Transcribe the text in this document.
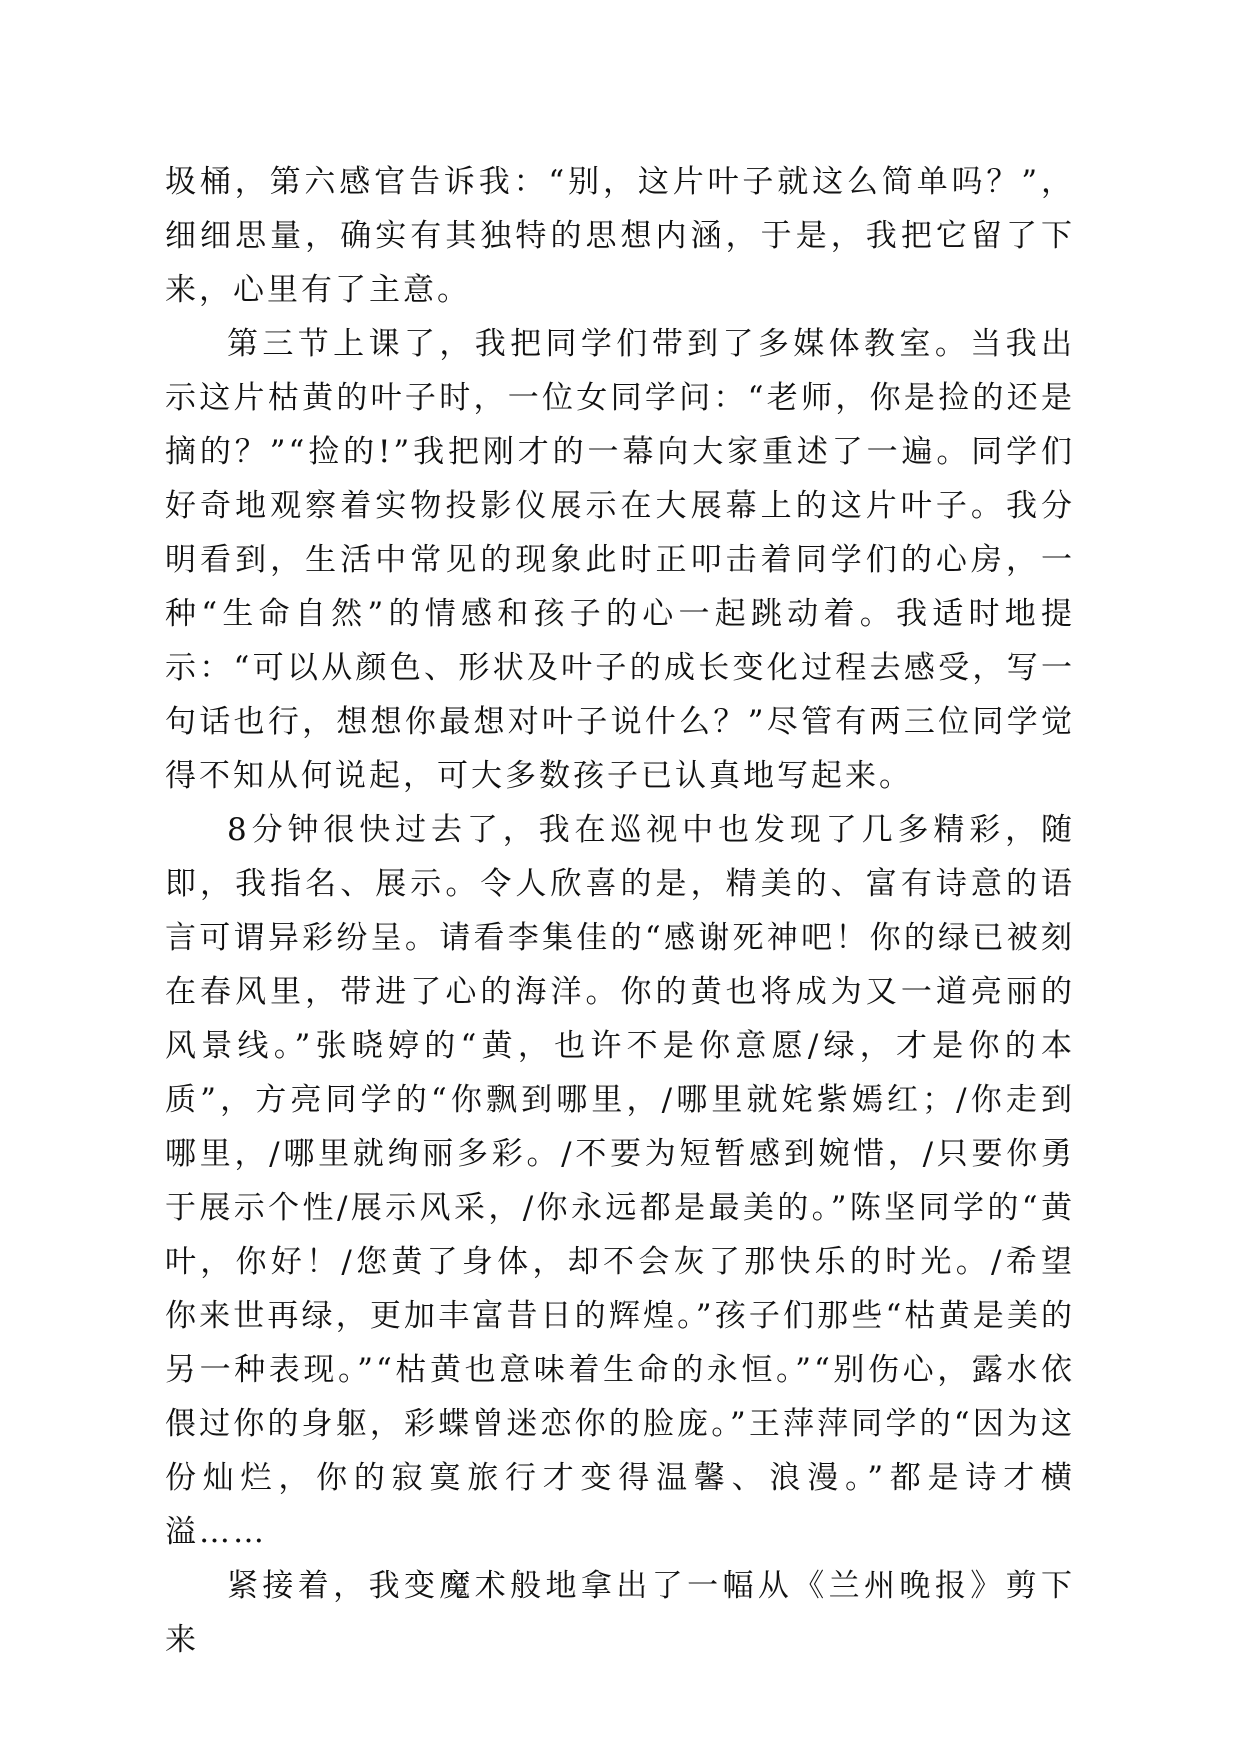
圾桶，第六感官告诉我：“别，这片叶子就这么简单吗？”，细细思量，确实有其独特的思想内涵，于是，我把它留了下来，心里有了主意。

第三节上课了，我把同学们带到了多媒体教室。当我出示这片枯黄的叶子时，一位女同学问：“老师，你是捡的还是摘的？”“捡的!”我把刚才的一幕向大家重述了一遍。同学们好奇地观察着实物投影仪展示在大展幕上的这片叶子。我分明看到，生活中常见的现象此时正叩击着同学们的心房，一种“生命自然”的情感和孩子的心一起跳动着。我适时地提示：“可以从颜色、形状及叶子的成长变化过程去感受，写一句话也行，想想你最想对叶子说什么？”尽管有两三位同学觉得不知从何说起，可大多数孩子已认真地写起来。

8分钟很快过去了，我在巡视中也发现了几多精彩，随即，我指名、展示。令人欣喜的是，精美的、富有诗意的语言可谓异彩纷呈。请看李集佳的“感谢死神吧！你的绿已被刻在春风里，带进了心的海洋。你的黄也将成为又一道亮丽的风景线。”张晓婷的“黄，也许不是你意愿/绿，才是你的本质”，方亮同学的“你飘到哪里，/哪里就姹紫嫣红；/你走到哪里，/哪里就绚丽多彩。/不要为短暂感到婉惜，/只要你勇于展示个性/展示风采，/你永远都是最美的。”陈坚同学的“黄叶，你好！/您黄了身体，却不会灰了那快乐的时光。/希望你来世再绿，更加丰富昔日的辉煌。”孩子们那些“枯黄是美的另一种表现。”“枯黄也意味着生命的永恒。”“别伤心，露水依偎过你的身躯，彩蝶曾迷恋你的脸庞。”王萍萍同学的“因为这份灿烂，你的寂寞旅行才变得温馨、浪漫。”都是诗才横溢……

紧接着，我变魔术般地拿出了一幅从《兰州晚报》剪下来
